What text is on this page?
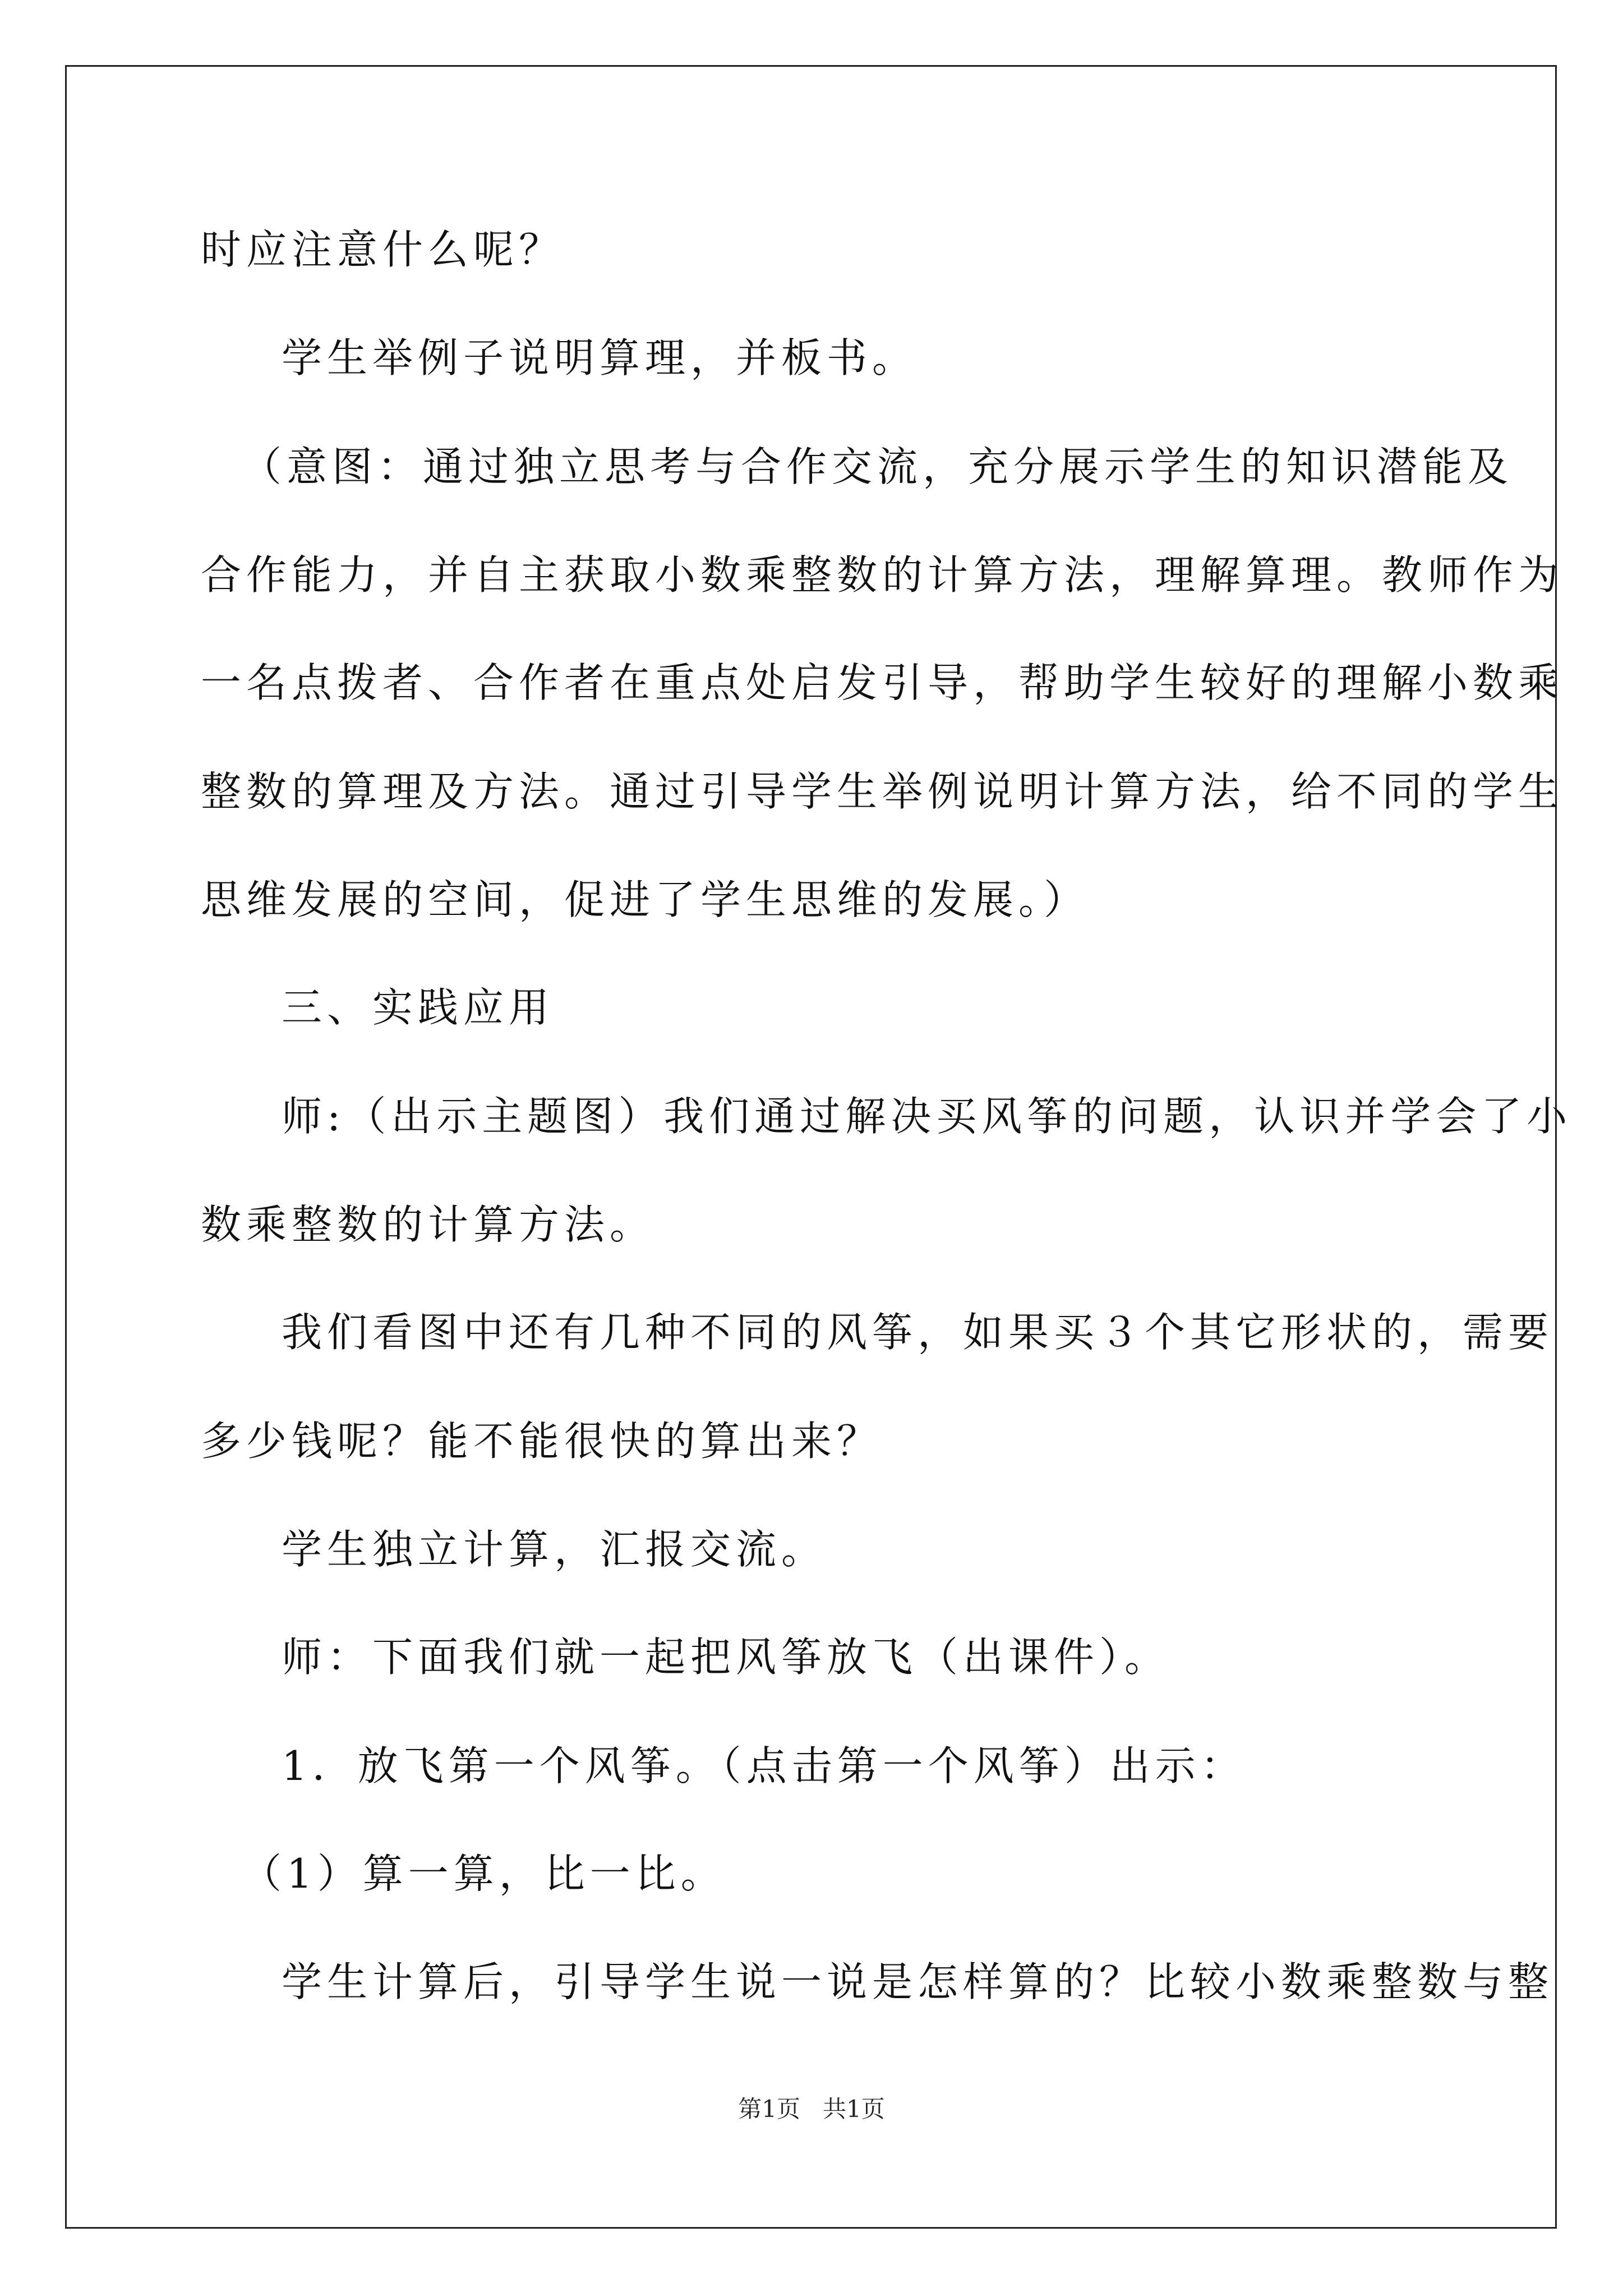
时应注意什么呢？
学生举例子说明算理，并板书。
（意图：通过独立思考与合作交流，充分展示学生的知识潜能及
合作能力，并自主获取小数乘整数的计算方法，理解算理。教师作为
一名点拨者、合作者在重点处启发引导，帮助学生较好的理解小数乘
整数的算理及方法。通过引导学生举例说明计算方法，给不同的学生
思维发展的空间，促进了学生思维的发展。）
三、实践应用
师:（出示主题图）我们通过解决买风筝的问题，认识并学会了小
数乘整数的计算方法。
我们看图中还有几种不同的风筝，如果买３个其它形状的，需要
多少钱呢？能不能很快的算出来？
学生独立计算，汇报交流。
师：下面我们就一起把风筝放飞（出课件）。
1．放飞第一个风筝。（点击第一个风筝）出示：
（1）算一算，比一比。
学生计算后，引导学生说一说是怎样算的？比较小数乘整数与整
第1页   共1页
